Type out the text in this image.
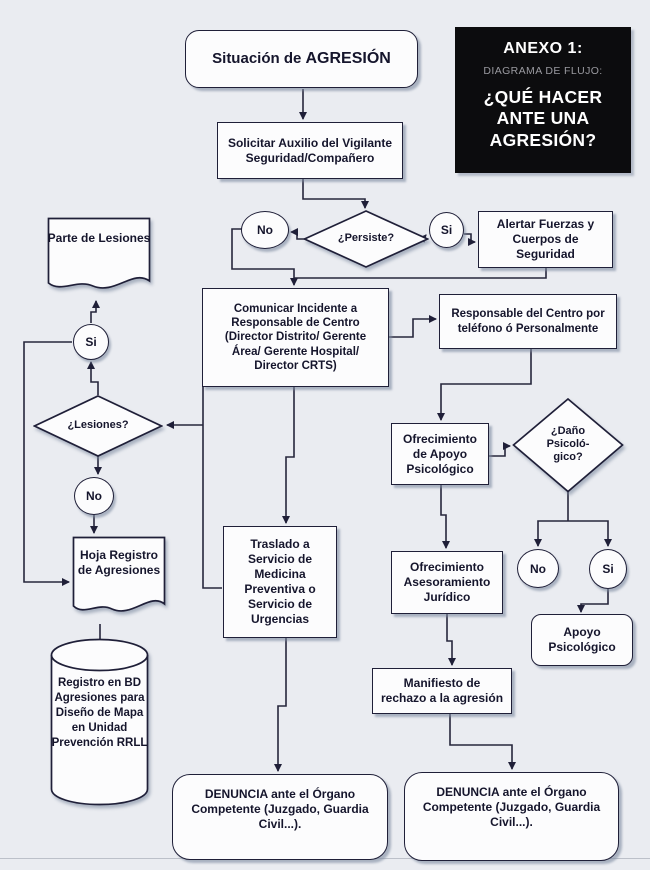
Situación de AGRESIÓN
ANEXO 1:
DIAGRAMA DE FLUJO:
¿QUÉ HACER ANTE UNA AGRESIÓN?
Solicitar Auxilio del Vigilante Seguridad/Compañero
¿Persiste?
No	Si	Alertar Fuerzas y Cuerpos de Seguridad
Comunicar Incidente a Responsable de Centro (Director Distrito/ Gerente Área/ Gerente Hospital/ Director CRTS)
Responsable del Centro por teléfono ó Personalmente
Parte de Lesiones
Si
¿Lesiones?
No
Hoja Registro de Agresiones
Registro en BD Agresiones para Diseño de Mapa en Unidad Prevención RRLL
Traslado a Servicio de Medicina Preventiva o Servicio de Urgencias
Ofrecimiento de Apoyo Psicológico
¿Daño
Psicoló-
gico?
No	Si
Apoyo Psicológico
Ofrecimiento Asesoramiento Jurídico
Manifiesto de rechazo a la agresión
DENUNCIA ante el Órgano Competente (Juzgado, Guardia Civil...).
DENUNCIA ante el Órgano Competente (Juzgado, Guardia Civil...).
